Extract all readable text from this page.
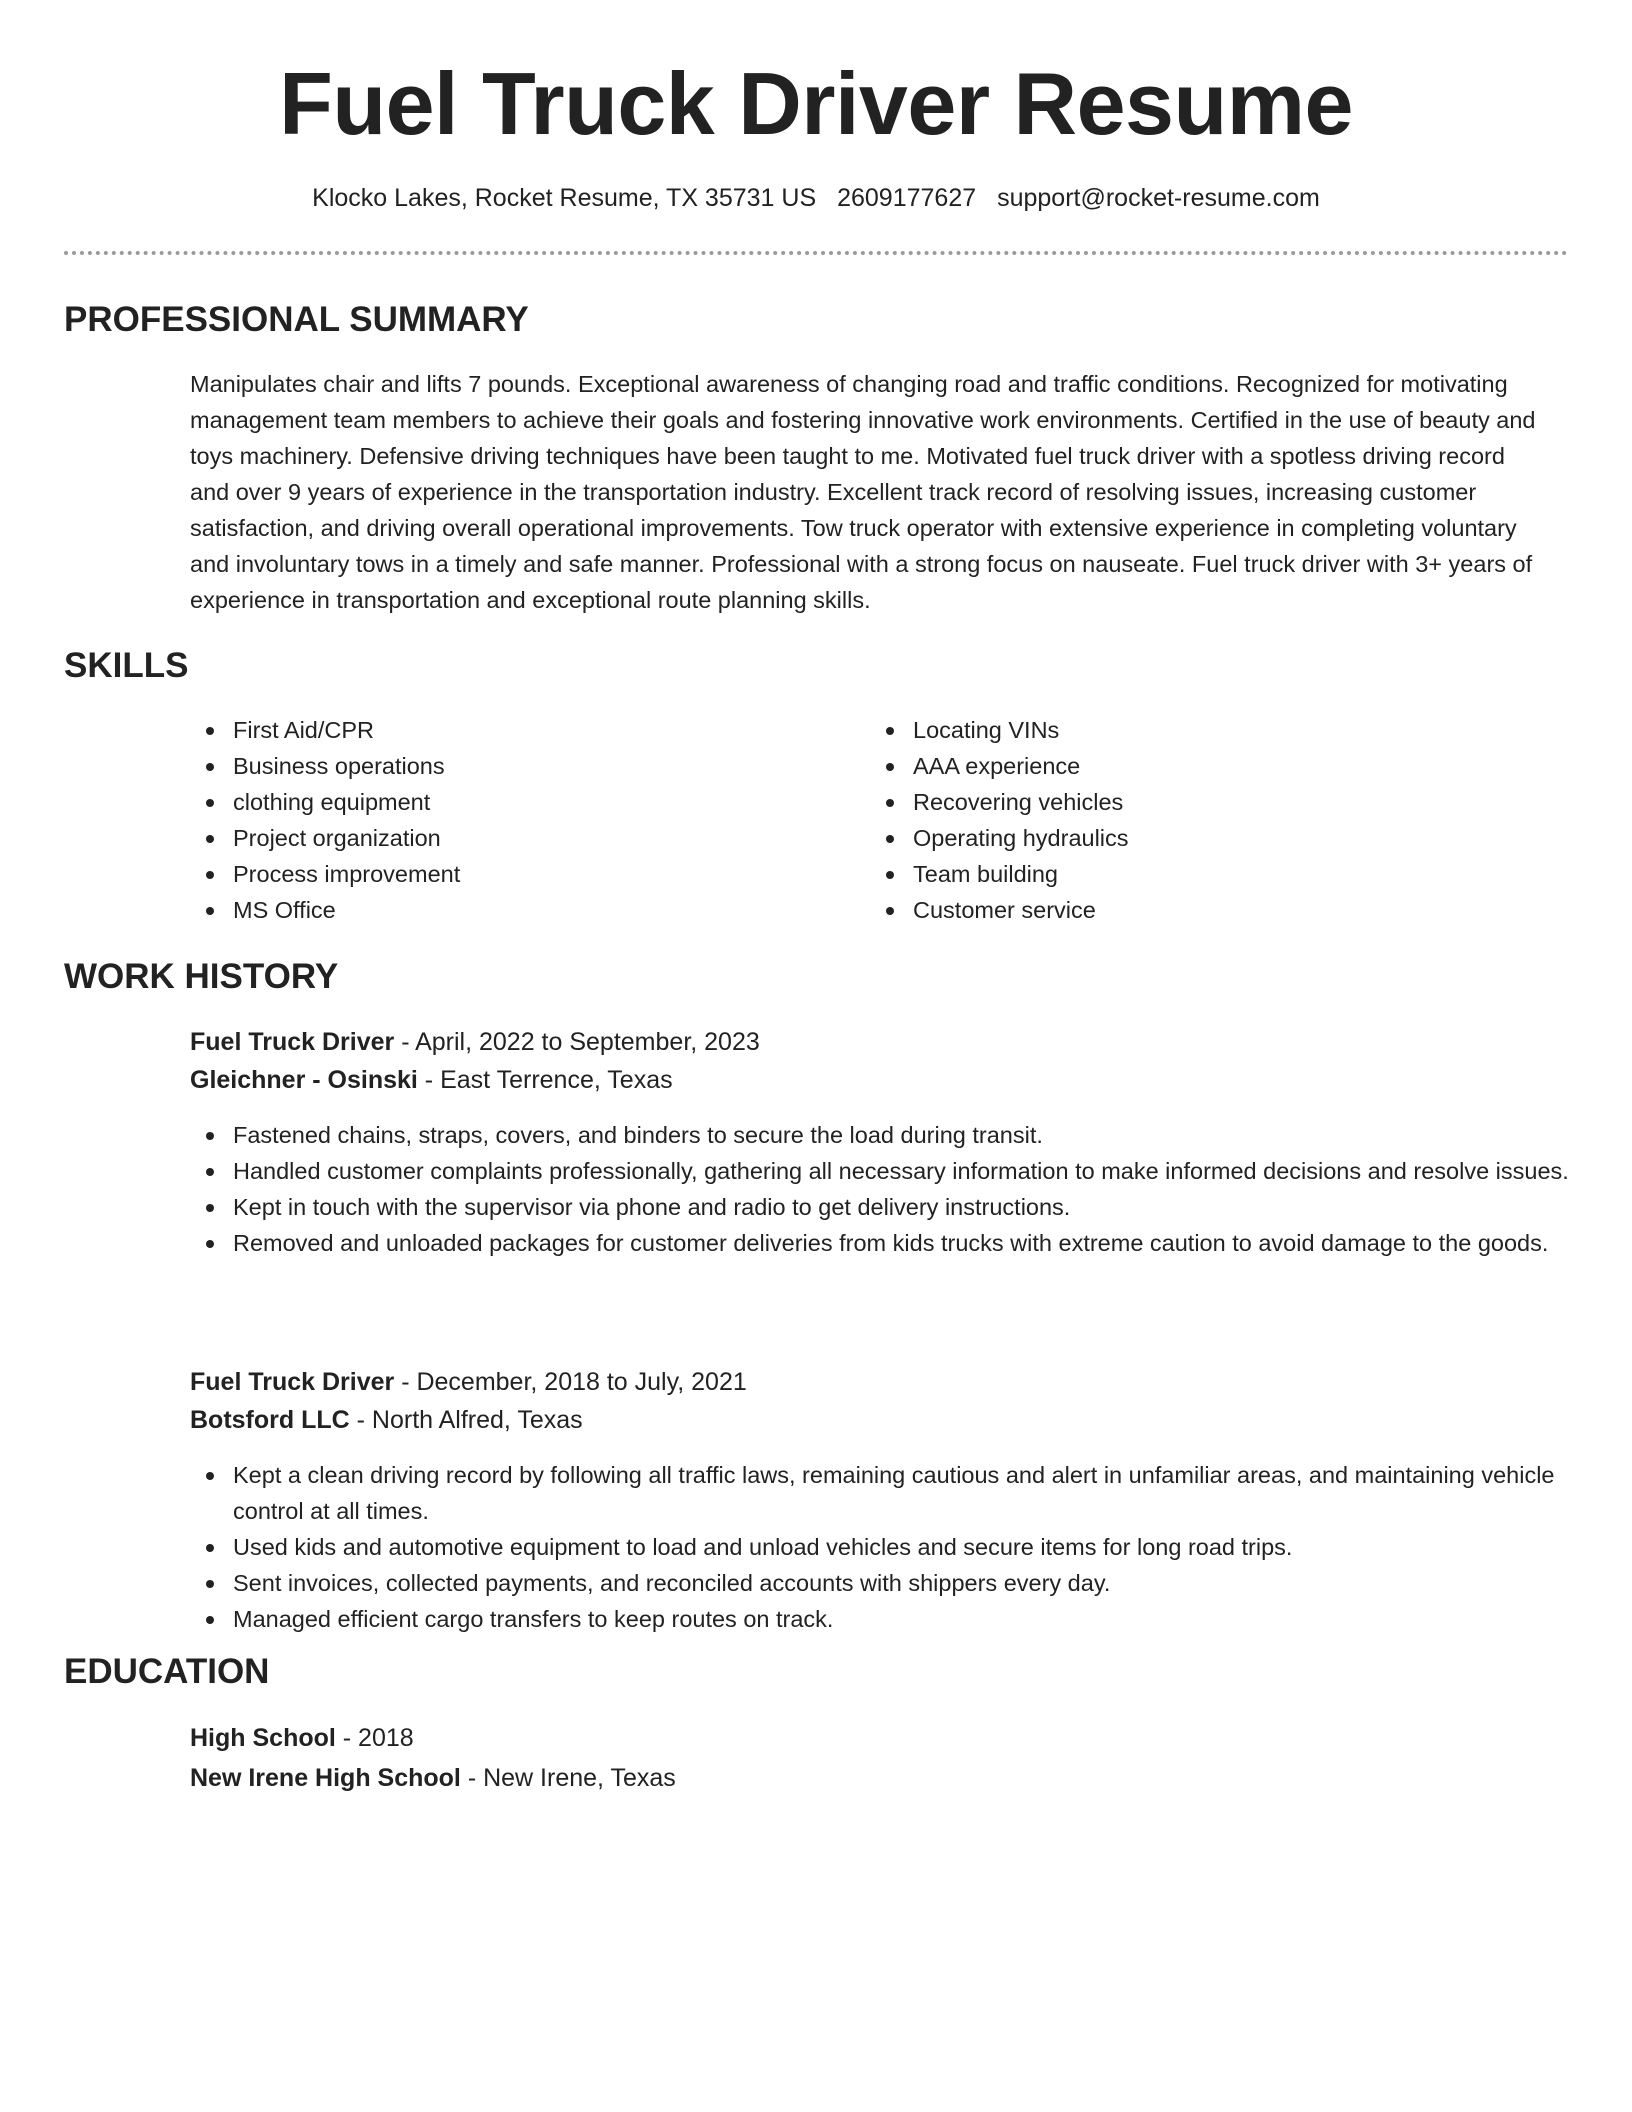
Fuel Truck Driver Resume
Klocko Lakes, Rocket Resume, TX 35731 US 2609177627 support@rocket-resume.com
PROFESSIONAL SUMMARY

Manipulates chair and lifts 7 pounds. Exceptional awareness of changing road and traffic conditions. Recognized for motivating management team members to achieve their goals and fostering innovative work environments. Certified in the use of beauty and toys machinery. Defensive driving techniques have been taught to me. Motivated fuel truck driver with a spotless driving record and over 9 years of experience in the transportation industry. Excellent track record of resolving issues, increasing customer satisfaction, and driving overall operational improvements. Tow truck operator with extensive experience in completing voluntary and involuntary tows in a timely and safe manner. Professional with a strong focus on nauseate. Fuel truck driver with 3+ years of experience in transportation and exceptional route planning skills.

SKILLS
First Aid/CPR
Business operations
clothing equipment
Project organization
Process improvement
MS Office
Locating VINs
AAA experience
Recovering vehicles
Operating hydraulics
Team building
Customer service
WORK HISTORY
Fuel Truck Driver - April, 2022 to September, 2023
Gleichner - Osinski - East Terrence, Texas
Fastened chains, straps, covers, and binders to secure the load during transit.
Handled customer complaints professionally, gathering all necessary information to make informed decisions and resolve issues.
Kept in touch with the supervisor via phone and radio to get delivery instructions.
Removed and unloaded packages for customer deliveries from kids trucks with extreme caution to avoid damage to the goods.
Fuel Truck Driver - December, 2018 to July, 2021
Botsford LLC - North Alfred, Texas
Kept a clean driving record by following all traffic laws, remaining cautious and alert in unfamiliar areas, and maintaining vehicle control at all times.
Used kids and automotive equipment to load and unload vehicles and secure items for long road trips.
Sent invoices, collected payments, and reconciled accounts with shippers every day.
Managed efficient cargo transfers to keep routes on track.
EDUCATION
High School - 2018
New Irene High School - New Irene, Texas
